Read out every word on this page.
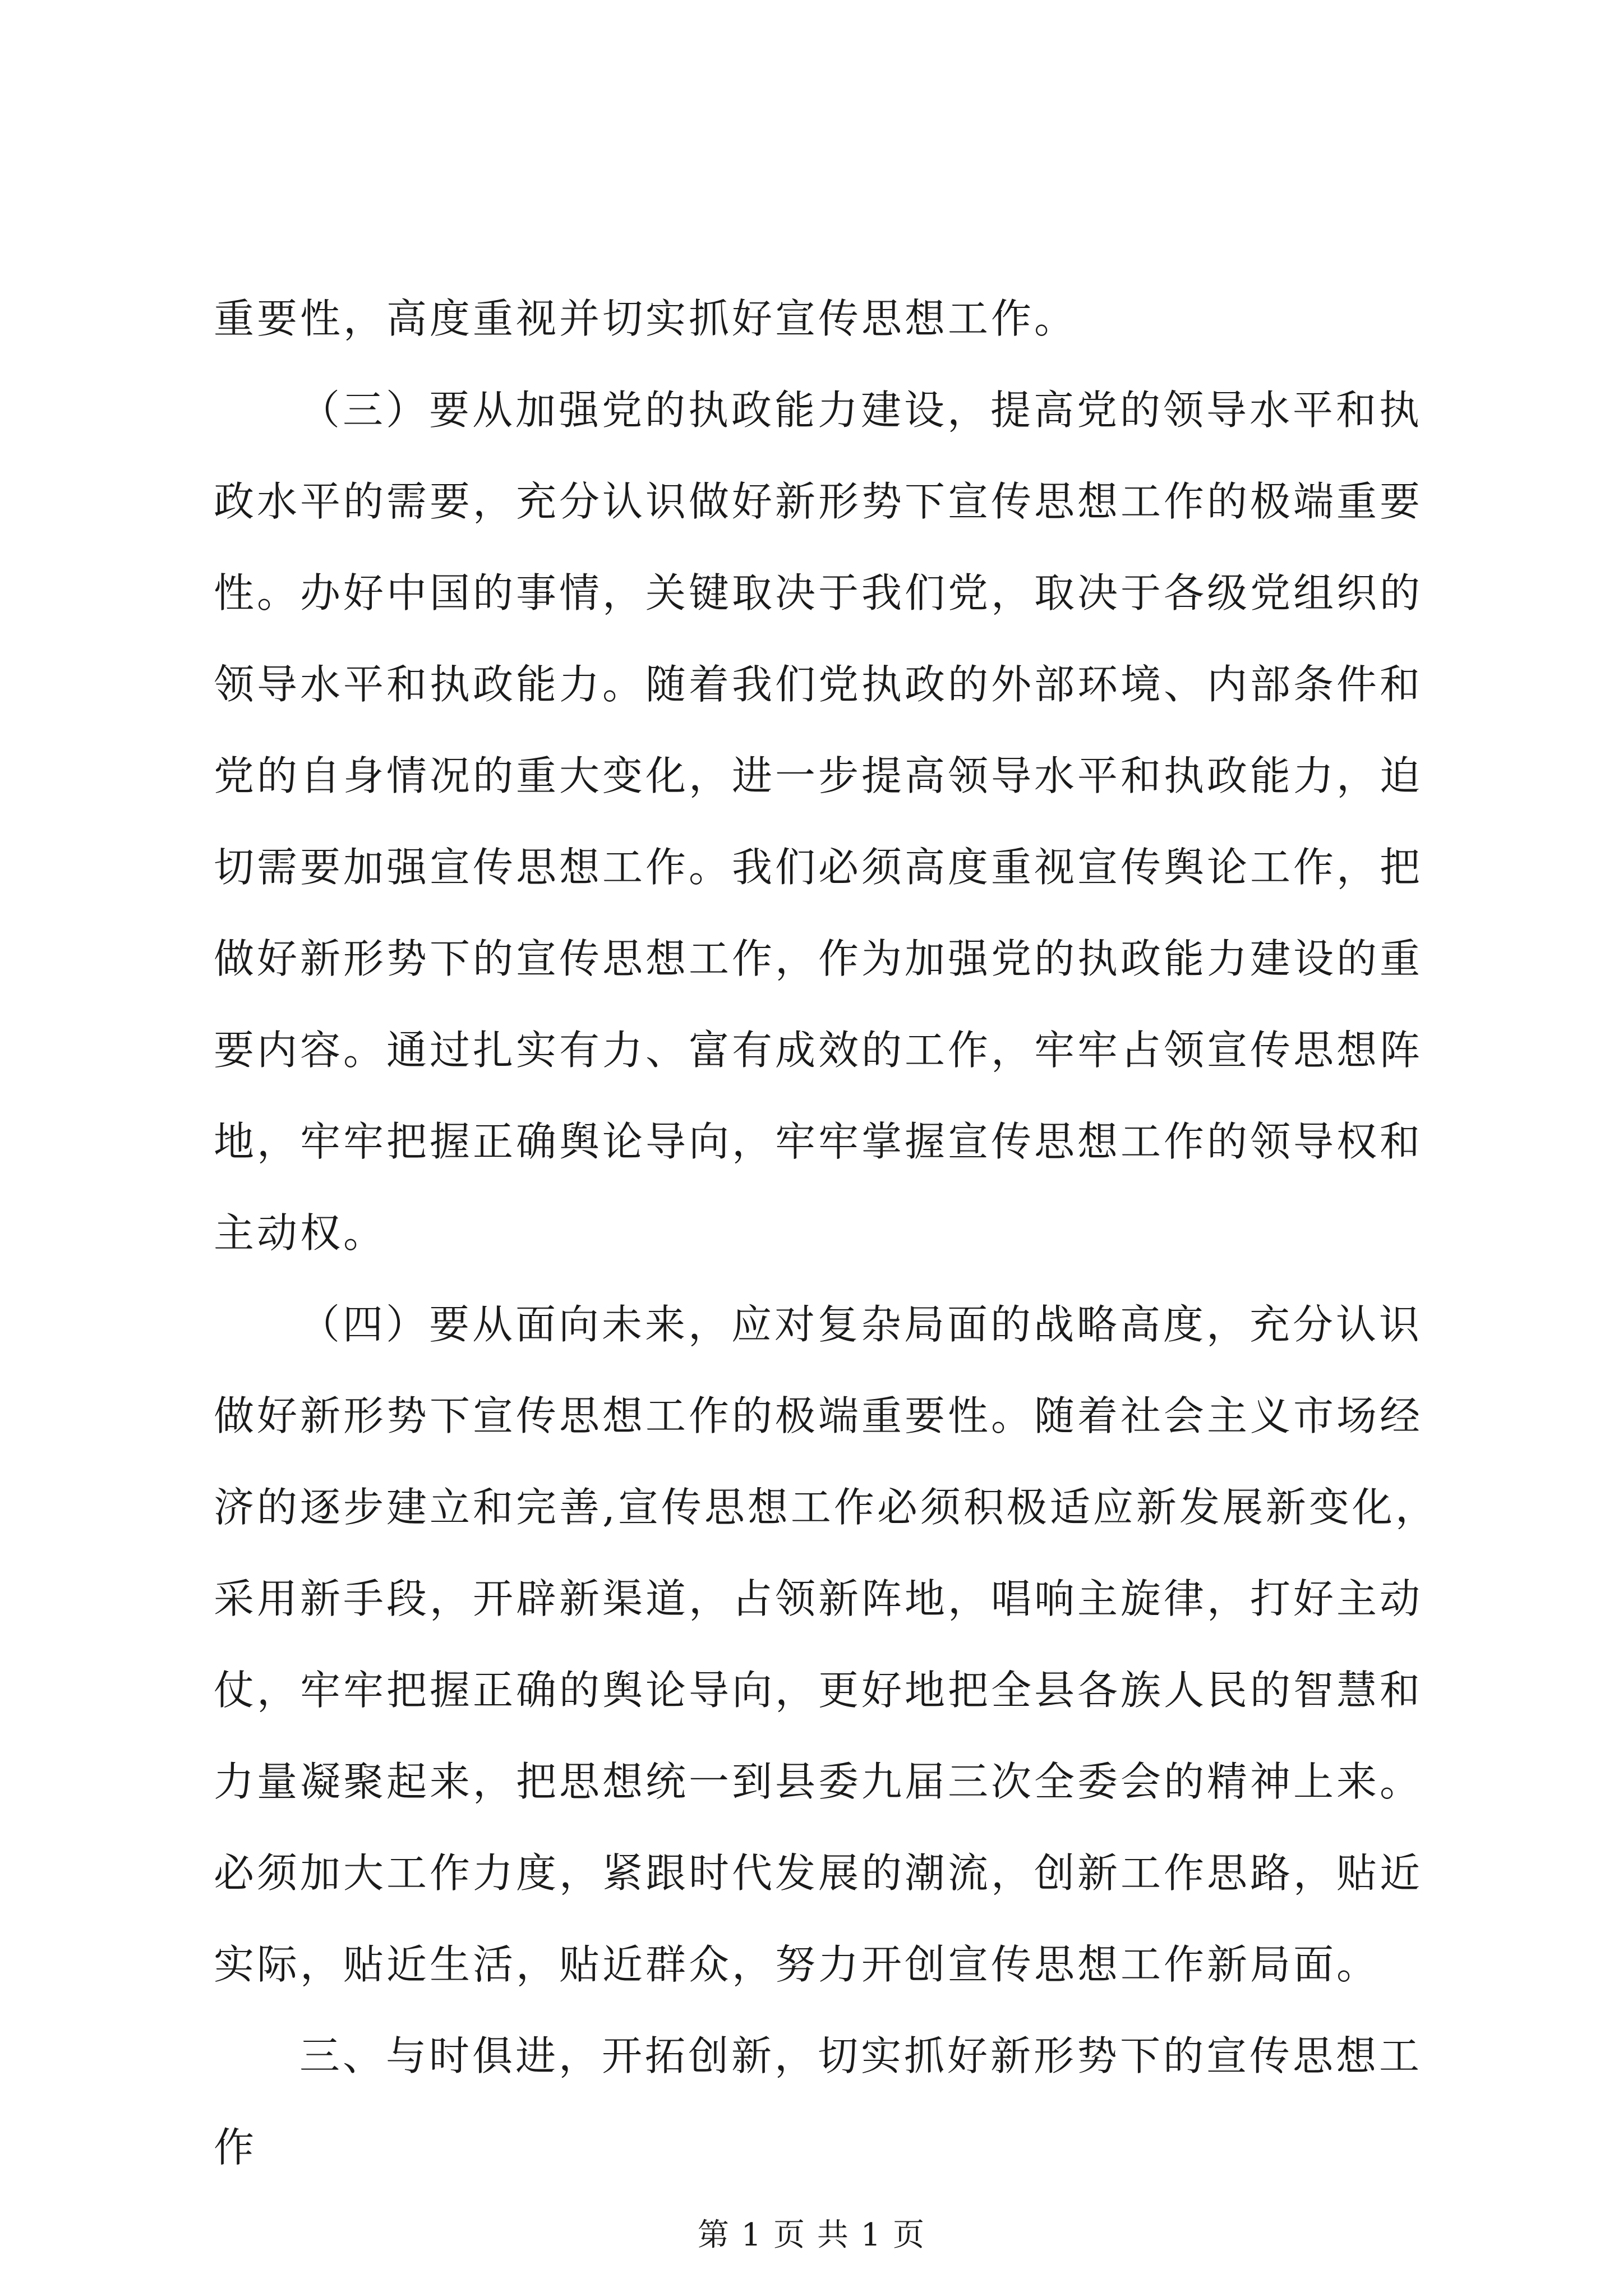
重要性，高度重视并切实抓好宣传思想工作。
（三）要从加强党的执政能力建设，提高党的领导水平和执
政水平的需要，充分认识做好新形势下宣传思想工作的极端重要
性。办好中国的事情，关键取决于我们党，取决于各级党组织的
领导水平和执政能力。随着我们党执政的外部环境、内部条件和
党的自身情况的重大变化，进一步提高领导水平和执政能力，迫
切需要加强宣传思想工作。我们必须高度重视宣传舆论工作，把
做好新形势下的宣传思想工作，作为加强党的执政能力建设的重
要内容。通过扎实有力、富有成效的工作，牢牢占领宣传思想阵
地，牢牢把握正确舆论导向，牢牢掌握宣传思想工作的领导权和
主动权。
（四）要从面向未来，应对复杂局面的战略高度，充分认识
做好新形势下宣传思想工作的极端重要性。随着社会主义市场经
济的逐步建立和完善,宣传思想工作必须积极适应新发展新变化，
采用新手段，开辟新渠道，占领新阵地，唱响主旋律，打好主动
仗，牢牢把握正确的舆论导向，更好地把全县各族人民的智慧和
力量凝聚起来，把思想统一到县委九届三次全委会的精神上来。
必须加大工作力度，紧跟时代发展的潮流，创新工作思路，贴近
实际，贴近生活，贴近群众，努力开创宣传思想工作新局面。
三、与时俱进，开拓创新，切实抓好新形势下的宣传思想工
作
第 1 页 共 1 页
